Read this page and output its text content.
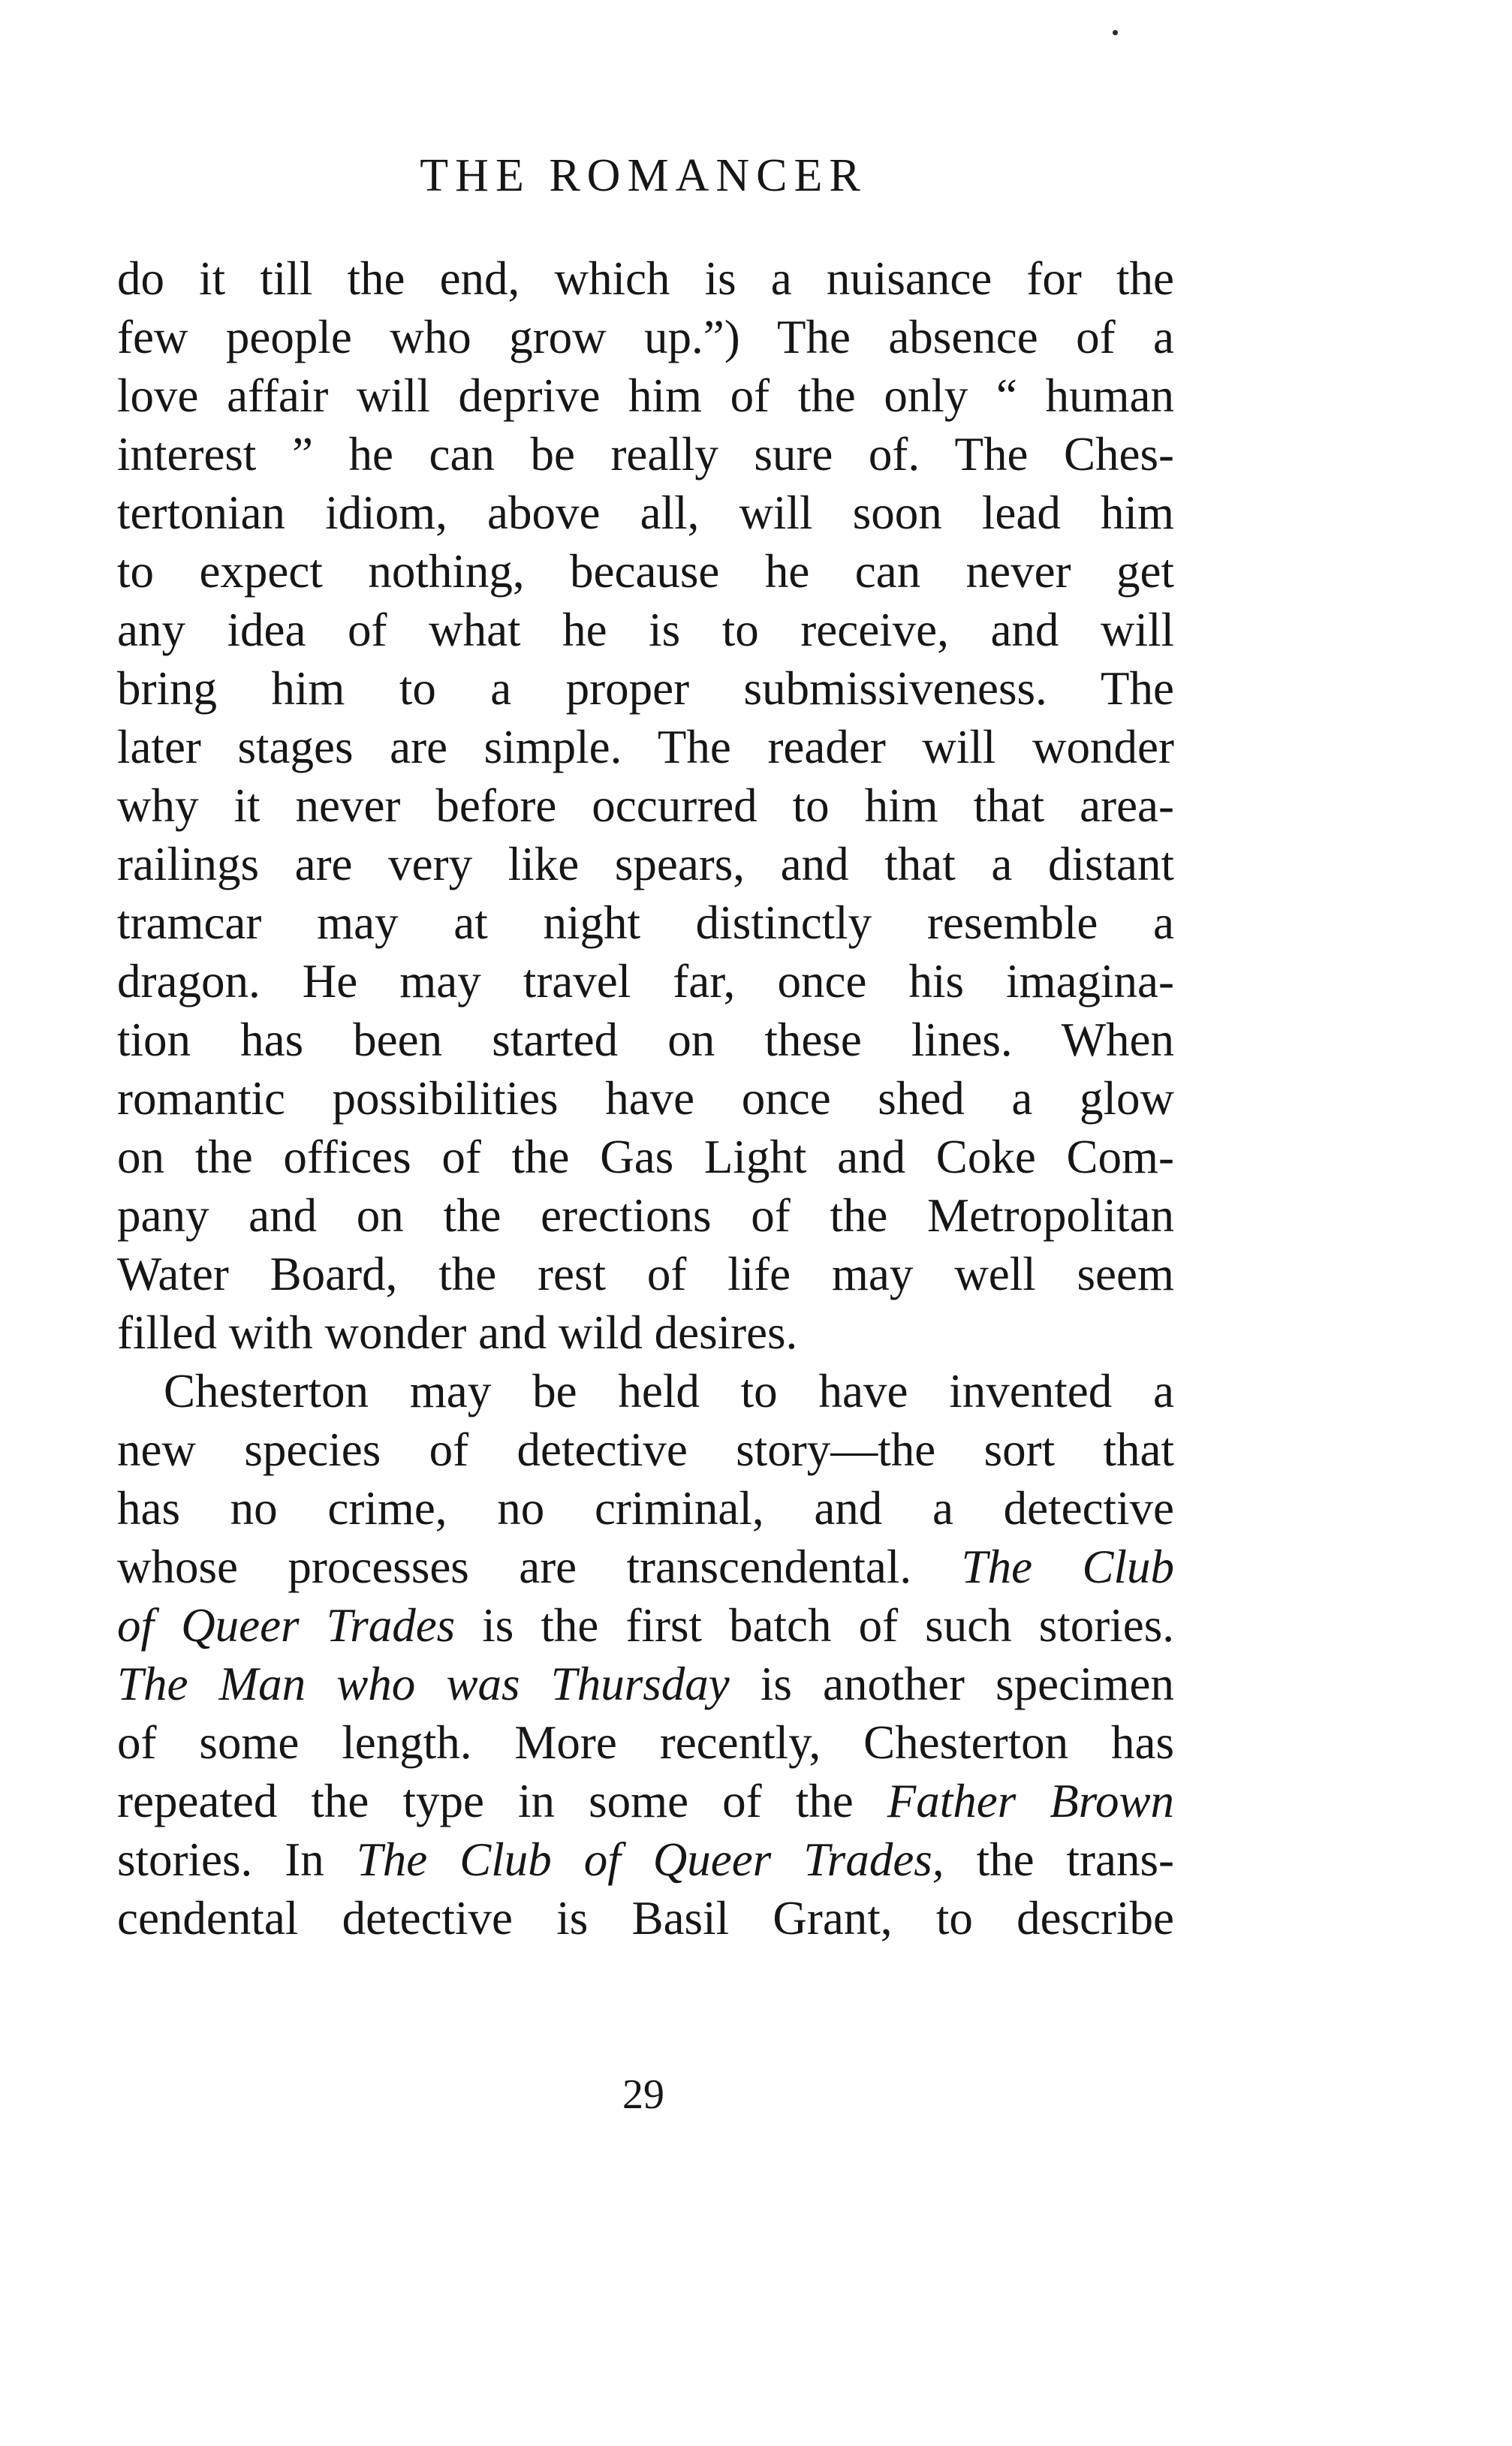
THE ROMANCER
do it till the end, which is a nuisance for the
few people who grow up.”) The absence of a
love affair will deprive him of the only “ human
interest ” he can be really sure of. The Ches-
tertonian idiom, above all, will soon lead him
to expect nothing, because he can never get
any idea of what he is to receive, and will
bring him to a proper submissiveness. The
later stages are simple. The reader will wonder
why it never before occurred to him that area-
railings are very like spears, and that a distant
tramcar may at night distinctly resemble a
dragon. He may travel far, once his imagina-
tion has been started on these lines. When
romantic possibilities have once shed a glow
on the offices of the Gas Light and Coke Com-
pany and on the erections of the Metropolitan
Water Board, the rest of life may well seem
filled with wonder and wild desires.
Chesterton may be held to have invented a
new species of detective story—the sort that
has no crime, no criminal, and a detective
whose processes are transcendental. The Club
of Queer Trades is the first batch of such stories.
The Man who was Thursday is another specimen
of some length. More recently, Chesterton has
repeated the type in some of the Father Brown
stories. In The Club of Queer Trades, the trans-
cendental detective is Basil Grant, to describe
29
